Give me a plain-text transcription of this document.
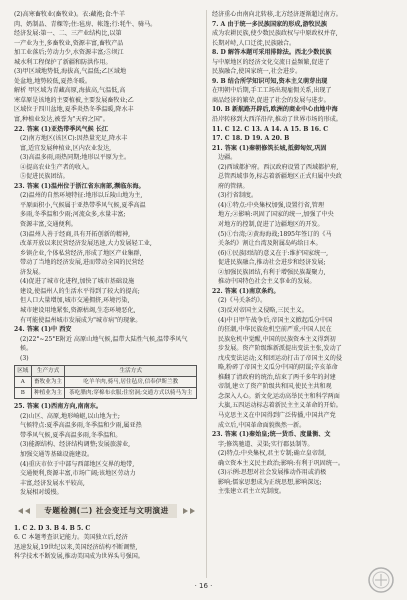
(2)高寒畜牧业(畜牧业)。衣:藏袍;食:牛羊

肉、奶制品、青稞等;住:毡房、帐篷;行:牦牛、骑马。

经济发展:第一、二、三产业结构比,以第

一产业为主,多畜牧业,资源丰富,畜牧产品

加工业落后;劳动力少,水资源丰富;⑤坝江

城水利工程保护了新疆和防洪作用。

(3)甲区域地势低,海拔高,气温低;乙区域地

处盆地,地势较低,夏热冬暖。

解析 甲区域为青藏高原,海拔高,气温低,高

寒草原是该地的主要植被,主要发展畜牧业;乙

区域位于四川盆地,夏季炎热冬季温暖,降水丰

富,种植业发达,被誉为"天府之国"。

22. 答案 (1)亚热带季风气候 长江

(2)南方地区(该区C):因热量充足,降水丰

富,适宜发展种植业,区内农业发达,

(3)高温多雨,雨热同期;地形以平原为主。

④提高农业生产者的收入。

⑤促进民族团结。

23. 答案 (1)温州位于浙江省东南部,濒临东海。

(2)温州的自然环境特征:地形以丘陵山地为主,

平原面积小,气候属于亚热带季风气候,夏季高温

多雨,冬季温和少雨;河流众多,水量丰富;

资源丰富,交通便利。

(3)温州人善于经商,具有开拓创新的精神,

改革开放以来民营经济发展迅速,大力发展轻工业,

乡镇企业,个体私营经济,形成了地区产业集群,

带动了当地的经济发展,进而带动全国的民营经

济发展。

(4)促进了城市化进程,加快了城市基础设施

建设,使温州人的生活水平得到了较大的提高;

但人口大量增加,城市交通拥挤,环境污染,

城市建设用地紧张,资源枯竭,生态环境恶化,

有可能使温州城市发展成为"城市病"的现象。

24. 答案 (1)中 西安

(2)22°~25°E附近 高原山地气候,温带大陆性气候,温带季风气候。

(3)

区域	生产方式	生活方式
A	畜牧业为主	吃羊羊肉,骑马,居住毡房,信奉伊斯兰教
B	种植业为主	茶吃腊肉;穿棉布衣服;住窑洞;交通方式以骑马为主

25. 答案 (1)西南方向,南南东。

(2)山区、高原,地形崎岖,以山地为主;

气候特点:夏季高温多雨,冬季温和少雨,属亚热

带季风气候,夏季高温多雨,冬季温和。

(3)能源结构、经济结构调整;发展旅游业,

加强交通等基础设施建设。

(4)重庆市位于中部与西部地区交界的地带,

交通便利,资源丰富,市场广阔;该地区劳动力

丰富,经济发展水平较高,

发展相对缓慢。

专题检测(二) 社会变迁与文明演进

1. C 2. D 3. B 4. B 5. C

6. C 本题考查识记能力。美国独立后,经济

迅速发展,19世纪以来,美国经济结构不断调整,

科学技术不断发展,推动美国成为世界头号强国。

经济重心由南向北转移,北方经济逐渐超过南方。

7. A 由于统一多民族国家的形成,游牧民族

成为农耕民族,使少数民族政权与中原政权并存,

长期对峙,人口迁徙,民族融合。

8. D 解答本题可采用排除法。西北少数民族

与中原地区的经济文化交流日益频繁,促进了

民族融合,使国家统一,社会进步。

9. B 结合所学知识可知,资本主义萌芽出现

在明朝中后期,手工工场出现雇佣关系,出现了

商品经济的繁荣,促进了社会的发展与进步。

10. B 新航路开辟后,欧洲的商业中心由地中海

沿岸转移到大西洋沿岸,推动了世界市场的形成。

11. C 12. C 13. A 14. A 15. B 16. C

17. C 18. D 19. A 20. B

21. 答案 (1)秦朝修筑长城,抵御匈奴,巩固

边疆。

(2)西域都护府。西汉政府设置了西域都护府,

总管西域事务,标志着新疆地区正式归属中央政

府的管辖。

(3)行省制度。

(4)①特点:中央集权加强,设置行省,管理

地方;②影响:巩固了国家的统一,加强了中央

对地方的控制,促进了边疆地区的开发。

(5)①台湾;②黄海海战;1895年签订的《马

关条约》割让台湾及附属岛屿给日本。

(6)①民族团结的意义在于:维护国家统一,

促进民族融合,推动社会进步和经济发展;

②加强民族团结,有利于增强民族凝聚力,

推动中国特色社会主义事业的发展。

22. 答案 (1)南京条约。

(2)《马关条约》。

(3)反对帝国主义侵略,三民主义。

(4)中日甲午战争后,帝国主义掀起瓜分中国

的狂潮,中华民族危机空前严重;中国人民在

民族危机中觉醒,中国的民族资本主义得到初

步发展。资产阶级维新派提出变法主张,发动了

戊戌变法运动;义和团运动打击了帝国主义的侵

略,粉碎了帝国主义瓜分中国的阴谋;辛亥革命

推翻了清政府的统治,结束了两千多年的封建

帝制,建立了资产阶级共和国,使民主共和观

念深入人心。新文化运动高举民主和科学两面

大旗,五四运动标志着新民主主义革命的开始。

马克思主义在中国得到广泛传播,中国共产党

成立后,中国革命面貌焕然一新。

23. 答案 (1)秦始皇;统一货币、度量衡、文

字;修筑驰道、灵渠;实行郡县制等。

(2)特点:中央集权,君主专制;确立皇帝制,

确立资本主义民主政治;影响:有利于巩固统一。

(3)示例:思想对社会发展推动作用或消极

影响;儒家思想成为正统思想,影响深远;

主张建立君主立宪制度。

· 16 ·
